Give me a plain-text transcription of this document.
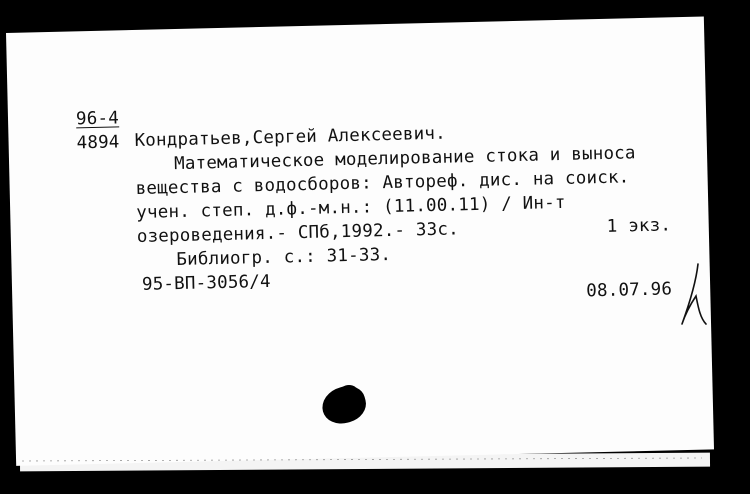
96-4
4894 Кондратьев,Сергей Алексеевич.
Математическое моделирование стока и выноса
вещества с водосборов: Автореф. дис. на соиск.
учен. степ. д.ф.-м.н.: (11.00.11) / Ин-т
озероведения.- СПб,1992.- 33с.	1 экз.
Библиогр. с.: 31-33.
95-ВП-3056/4	08.07.96
